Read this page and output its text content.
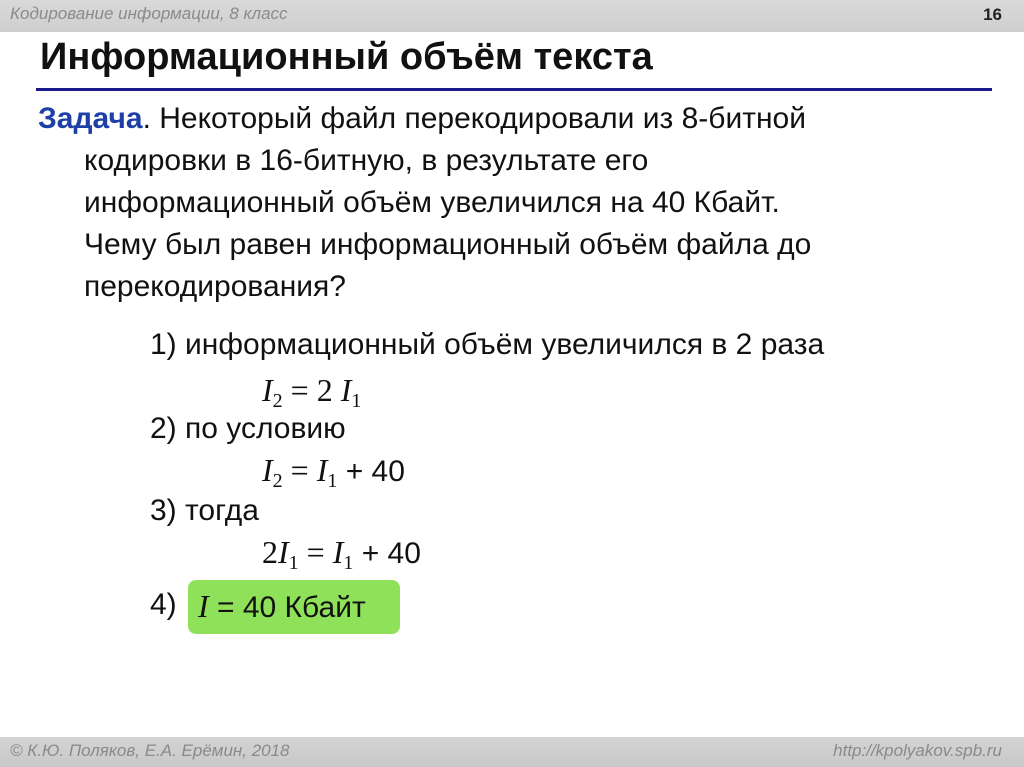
Кодирование информации, 8 класс	16
Информационный объём текста
Задача. Некоторый файл перекодировали из 8-битной
кодировки в 16-битную, в результате его
информационный объём увеличился на 40 Кбайт.
Чему был равен информационный объём файла до
перекодирования?
1) информационный объём увеличился в 2 раза
$I_2 = 2$ $I_1$
2) по условию
$I_2 = I_1 + 40$
3) тогда
$2I_1 = I_1 + 40$
4) I = 40 Кбайт
© К.Ю. Поляков, Е.А. Ерёмин, 2018	http://kpolyakov.spb.ru
